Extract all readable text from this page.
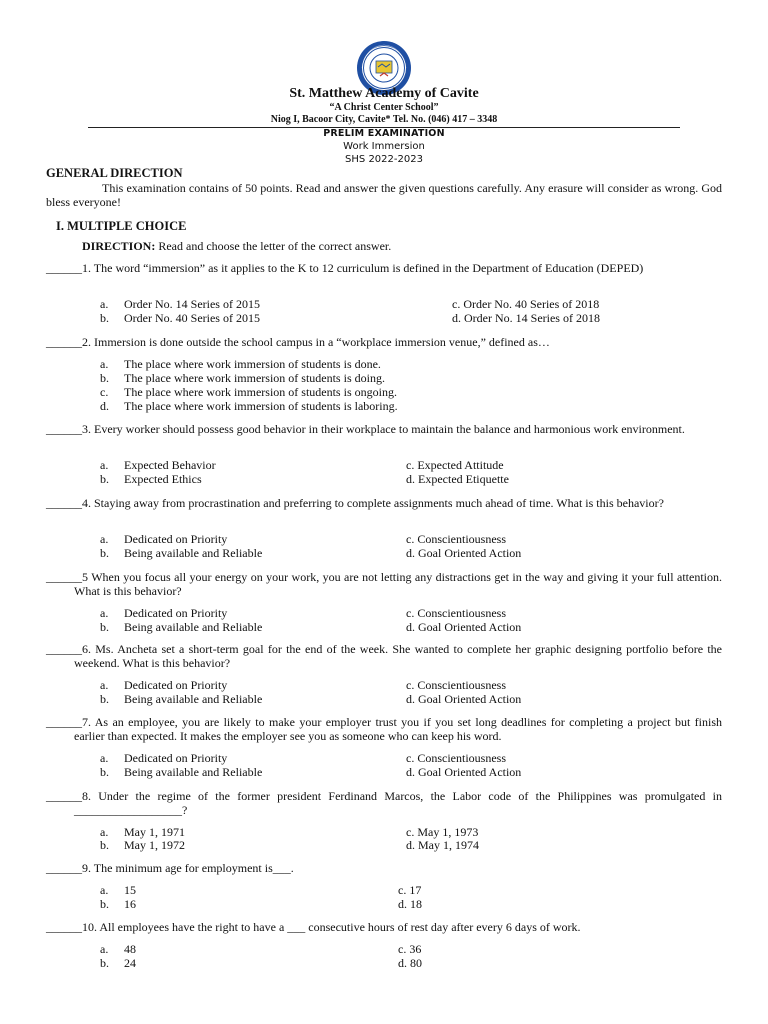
St. Matthew Academy of Cavite
“A Christ Center School”
Niog I, Bacoor City, Cavite* Tel. No. (046) 417 – 3348
PRELIM EXAMINATION
Work Immersion
SHS 2022-2023
GENERAL DIRECTION
This examination contains of 50 points. Read and answer the given questions carefully. Any erasure will consider as wrong. God bless everyone!
I. MULTIPLE CHOICE
DIRECTION: Read and choose the letter of the correct answer.
______1. The word “immersion” as it applies to the K to 12 curriculum is defined in the Department of Education (DEPED)
a. Order No. 14 Series of 2015
b. Order No. 40 Series of 2015
c. Order No. 40 Series of 2018
d. Order No. 14 Series of 2018
______2. Immersion is done outside the school campus in a “workplace immersion venue,” defined as…
a. The place where work immersion of students is done.
b. The place where work immersion of students is doing.
c. The place where work immersion of students is ongoing.
d. The place where work immersion of students is laboring.
______3. Every worker should possess good behavior in their workplace to maintain the balance and harmonious work environment.
a. Expected Behavior
b. Expected Ethics
c. Expected Attitude
d. Expected Etiquette
______4. Staying away from procrastination and preferring to complete assignments much ahead of time. What is this behavior?
a. Dedicated on Priority
b. Being available and Reliable
c. Conscientiousness
d. Goal Oriented Action
______5 When you focus all your energy on your work, you are not letting any distractions get in the way and giving it your full attention. What is this behavior?
a. Dedicated on Priority
b. Being available and Reliable
c. Conscientiousness
d. Goal Oriented Action
______6. Ms. Ancheta set a short-term goal for the end of the week. She wanted to complete her graphic designing portfolio before the weekend. What is this behavior?
a. Dedicated on Priority
b. Being available and Reliable
c. Conscientiousness
d. Goal Oriented Action
______7. As an employee, you are likely to make your employer trust you if you set long deadlines for completing a project but finish earlier than expected. It makes the employer see you as someone who can keep his word.
a. Dedicated on Priority
b. Being available and Reliable
c. Conscientiousness
d. Goal Oriented Action
______8. Under the regime of the former president Ferdinand Marcos, the Labor code of the Philippines was promulgated in __________________?
a. May 1, 1971
b. May 1, 1972
c. May 1, 1973
d. May 1, 1974
______9. The minimum age for employment is___.
a. 15
b. 16
c. 17
d. 18
______10. All employees have the right to have a ___ consecutive hours of rest day after every 6 days of work.
a. 48
b. 24
c. 36
d. 80
